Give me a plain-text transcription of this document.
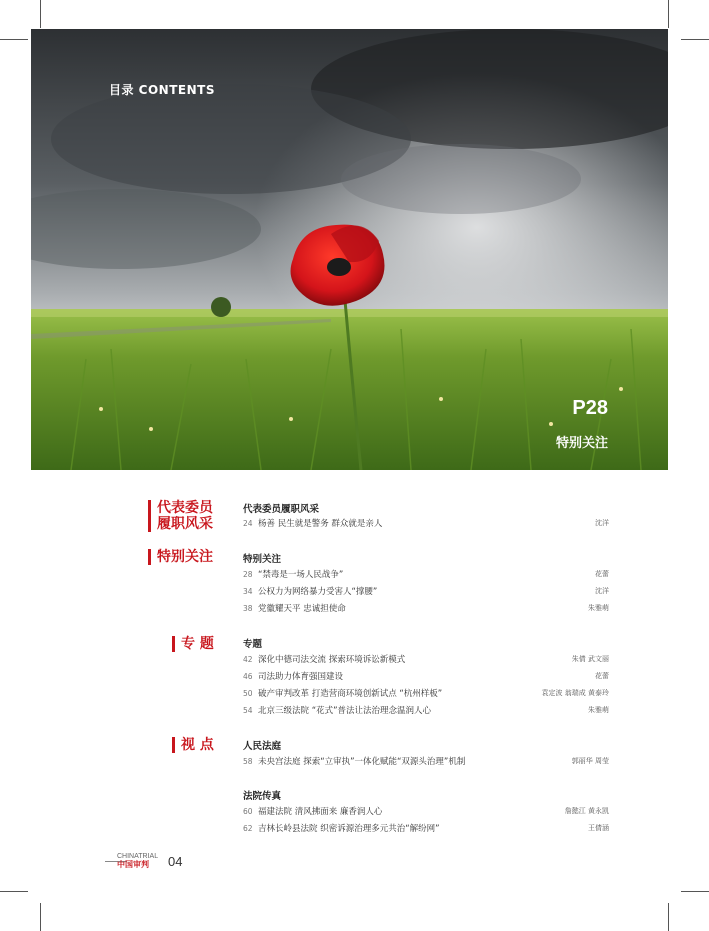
目录 CONTENTS
P28
特别关注
代表委员
履职风采
特别关注
专 题
视 点
代表委员履职风采
24 杨善 民生就是警务 群众就是亲人	沈洋
特别关注
28 “禁毒是一场人民战争”	花蕾
34 公权力为网络暴力受害人“撑腰”	沈洋
38 党徽耀天平 忠诚担使命	朱雅萌
专题
42 深化中德司法交流 探索环境诉讼新模式	朱倩 武文丽
46 司法助力体育强国建设	花蕾
50 破产审判改革 打造营商环境创新试点 “杭州样板”	袁定波 翁瑞成 黄泰玲
54 北京三级法院 “花式”普法让法治理念温润人心	朱雅萌
人民法庭
58 未央宫法庭 探索“立审执”一体化赋能“双源头治理”机制	郭丽华 周莹
法院传真
60 福建法院 清风拂面来 廉香润人心	詹懿江 黄永凯
62 吉林长岭县法院 织密诉源治理多元共治“解纷网”	王倩涵
CHINATRIAL
中国审判	04
